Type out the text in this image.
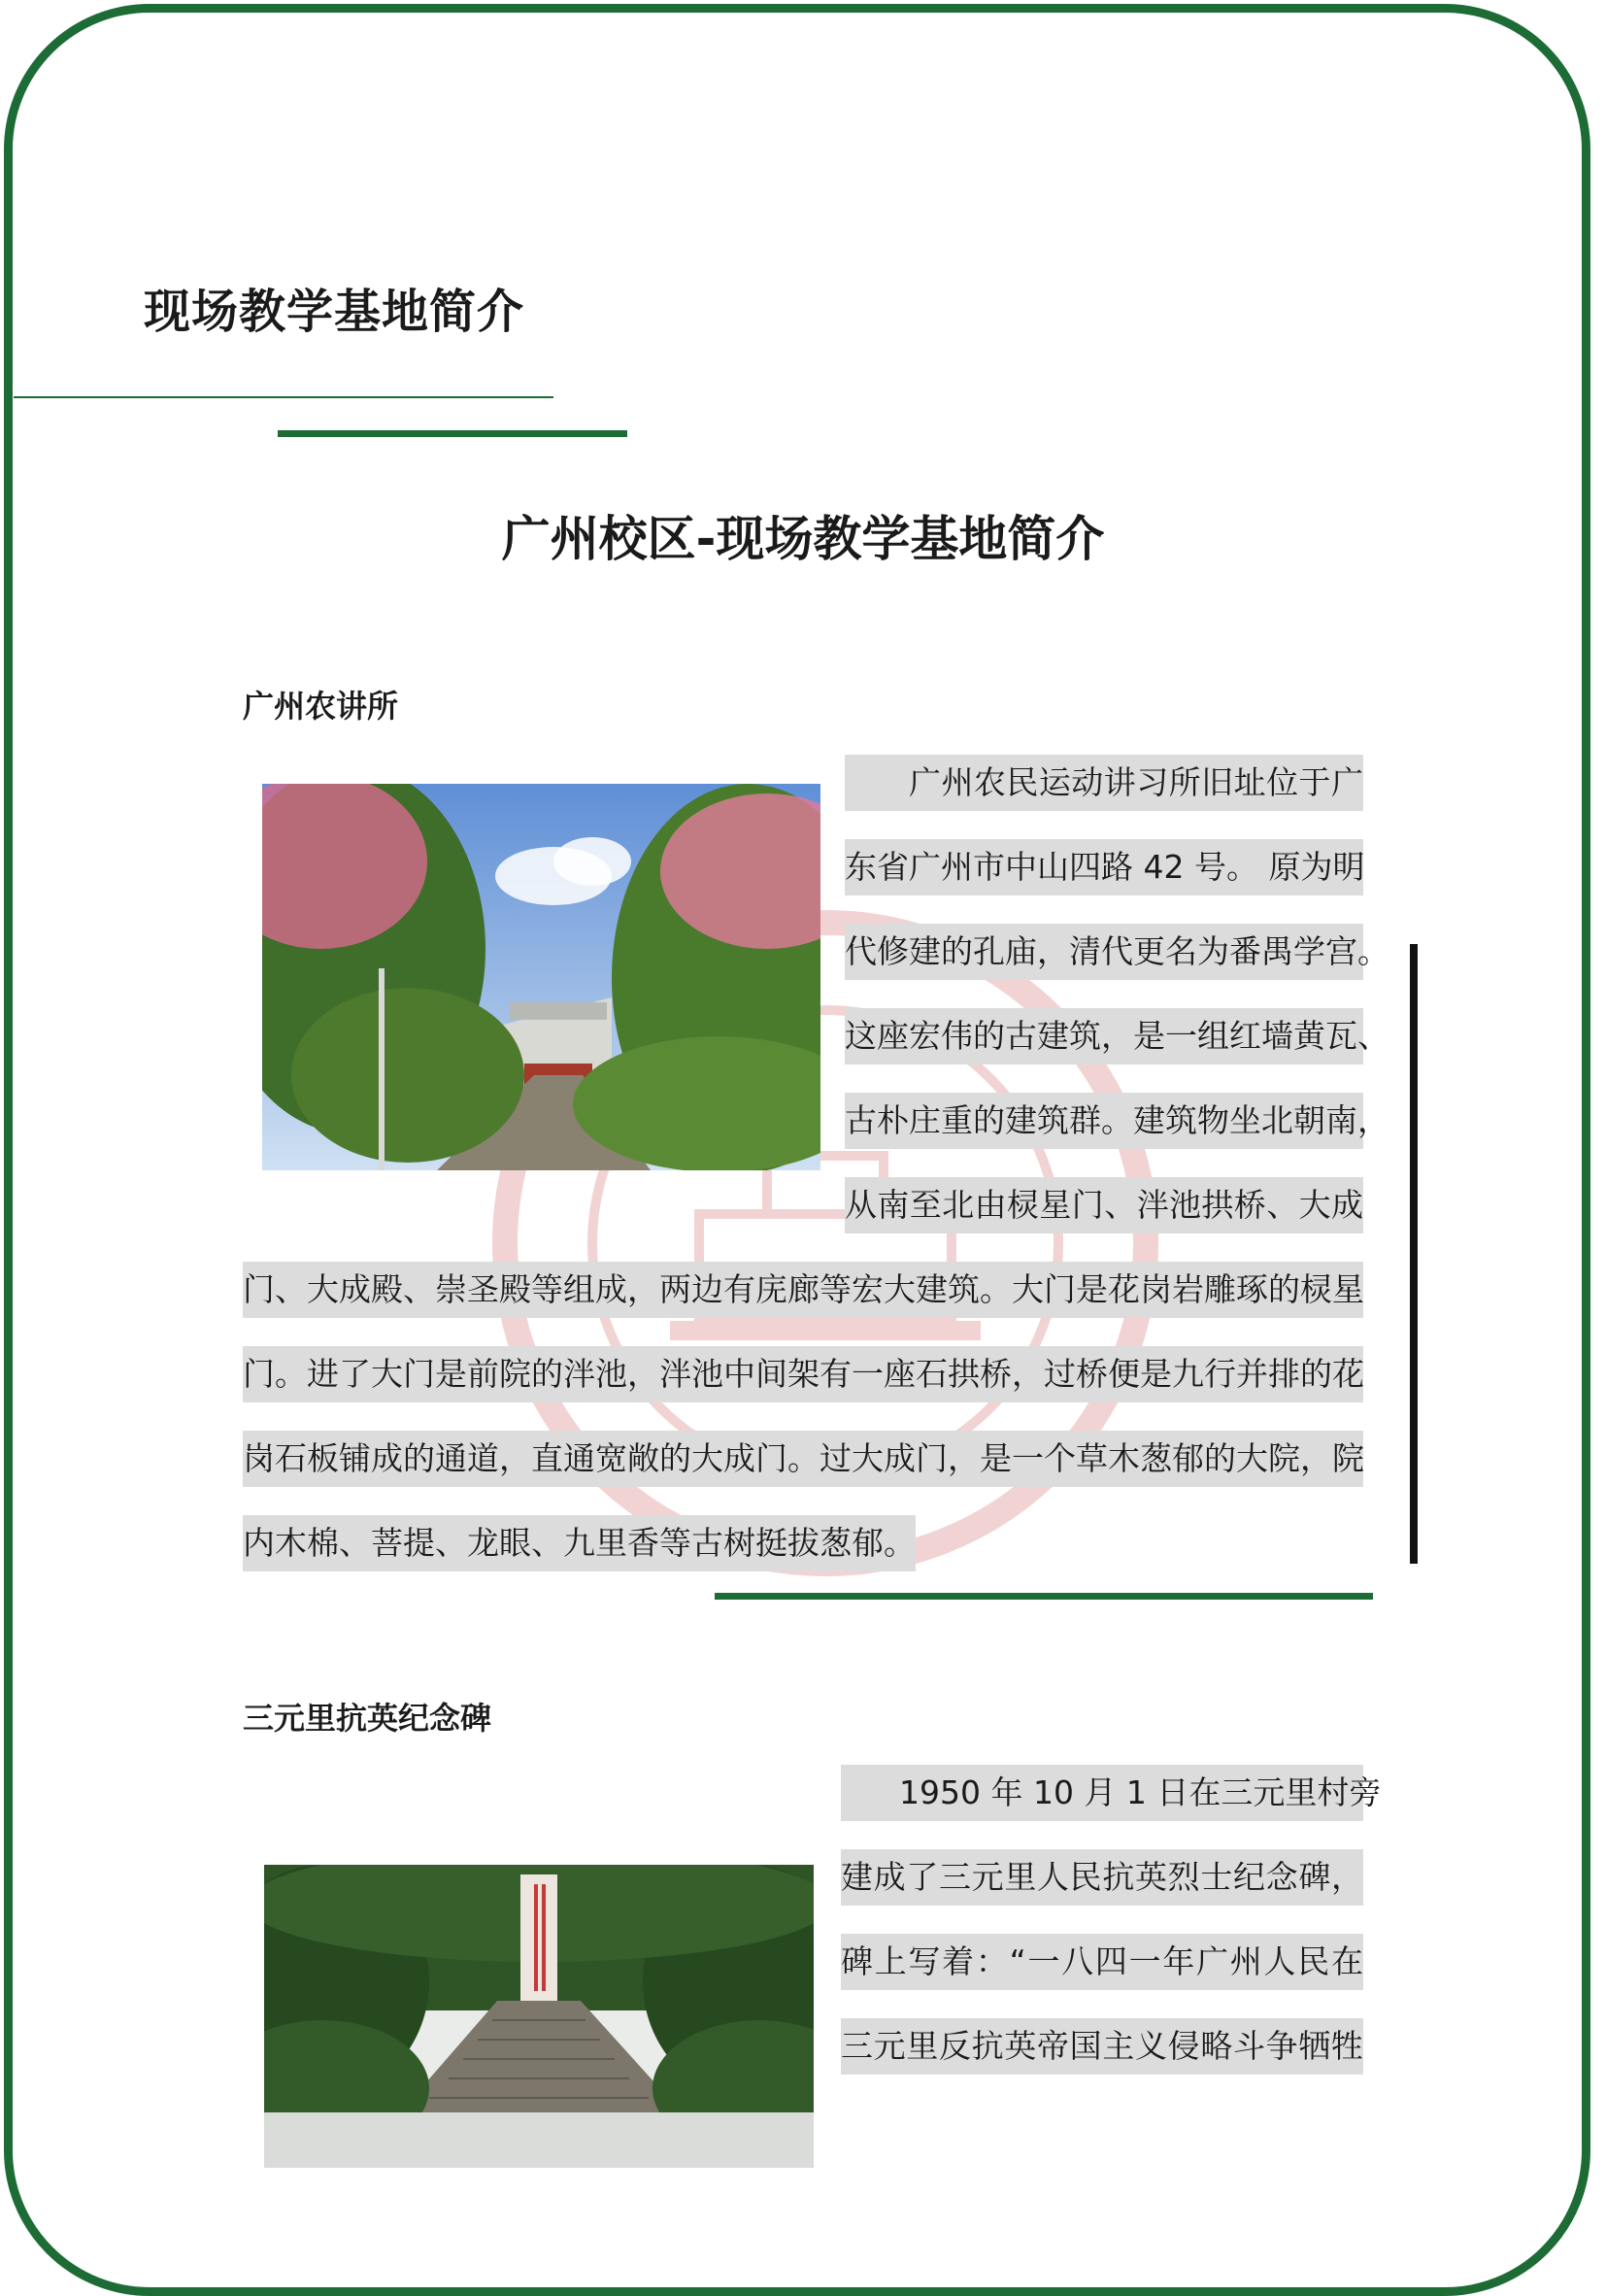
现场教学基地简介
广州校区-现场教学基地简介
广州农讲所

广州农民运动讲习所旧址位于广

东省广州市中山四路 42 号。 原为明

代修建的孔庙，清代更名为番禺学宫。

这座宏伟的古建筑，是一组红墙黄瓦、

古朴庄重的建筑群。建筑物坐北朝南，

从南至北由棂星门、泮池拱桥、大成

门、大成殿、崇圣殿等组成，两边有庑廊等宏大建筑。大门是花岗岩雕琢的棂星

门。进了大门是前院的泮池，泮池中间架有一座石拱桥，过桥便是九行并排的花

岗石板铺成的通道，直通宽敞的大成门。过大成门，是一个草木葱郁的大院，院

内木棉、菩提、龙眼、九里香等古树挺拔葱郁。

三元里抗英纪念碑

1950 年 10 月 1 日在三元里村旁

建成了三元里人民抗英烈士纪念碑，

碑上写着：“一八四一年广州人民在

三元里反抗英帝国主义侵略斗争牺牲
